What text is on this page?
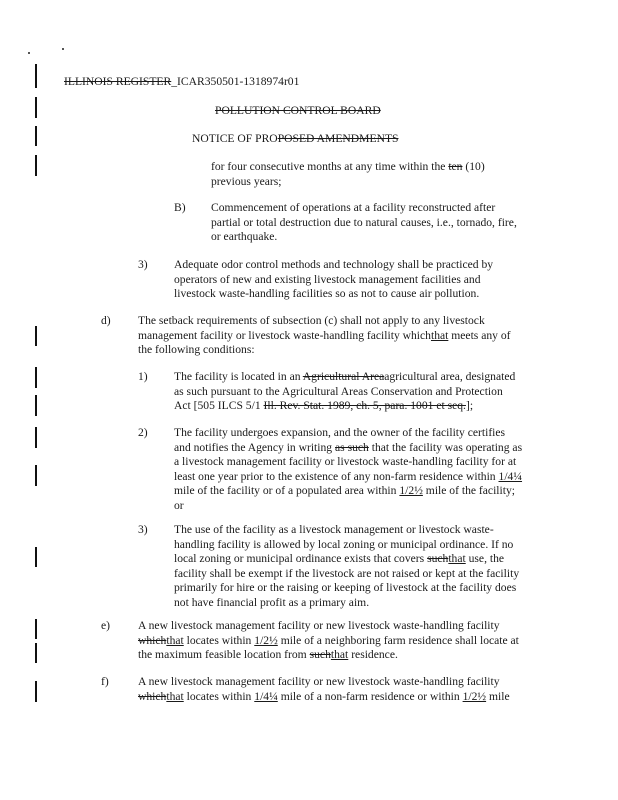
ILLINOIS REGISTER_ICAR350501-1318974r01
POLLUTION CONTROL BOARD
NOTICE OF PROPOSED AMENDMENTS
for four consecutive months at any time within the ten (10)
previous years;
B) Commencement of operations at a facility reconstructed after
partial or total destruction due to natural causes, i.e., tornado, fire,
or earthquake.
3) Adequate odor control methods and technology shall be practiced by
operators of new and existing livestock management facilities and
livestock waste-handling facilities so as not to cause air pollution.
d) The setback requirements of subsection (c) shall not apply to any livestock
management facility or livestock waste-handling facility whichthat meets any of
the following conditions:
1) The facility is located in an Agricultural Areaagricultural area, designated
as such pursuant to the Agricultural Areas Conservation and Protection
Act [505 ILCS 5/1 Ill. Rev. Stat. 1989, ch. 5, para. 1001 et seq.];
2) The facility undergoes expansion, and the owner of the facility certifies
and notifies the Agency in writing as such that the facility was operating as
a livestock management facility or livestock waste-handling facility for at
least one year prior to the existence of any non-farm residence within 1/4¼
mile of the facility or of a populated area within 1/2½ mile of the facility;
or
3) The use of the facility as a livestock management or livestock waste-
handling facility is allowed by local zoning or municipal ordinance. If no
local zoning or municipal ordinance exists that covers suchthat use, the
facility shall be exempt if the livestock are not raised or kept at the facility
primarily for hire or the raising or keeping of livestock at the facility does
not have financial profit as a primary aim.
e) A new livestock management facility or new livestock waste-handling facility
whichthat locates within 1/2½ mile of a neighboring farm residence shall locate at
the maximum feasible location from suchthat residence.
f)	A new livestock management facility or new livestock waste-handling facility
whichthat locates within 1/4¼ mile of a non-farm residence or within 1/2½ mile
